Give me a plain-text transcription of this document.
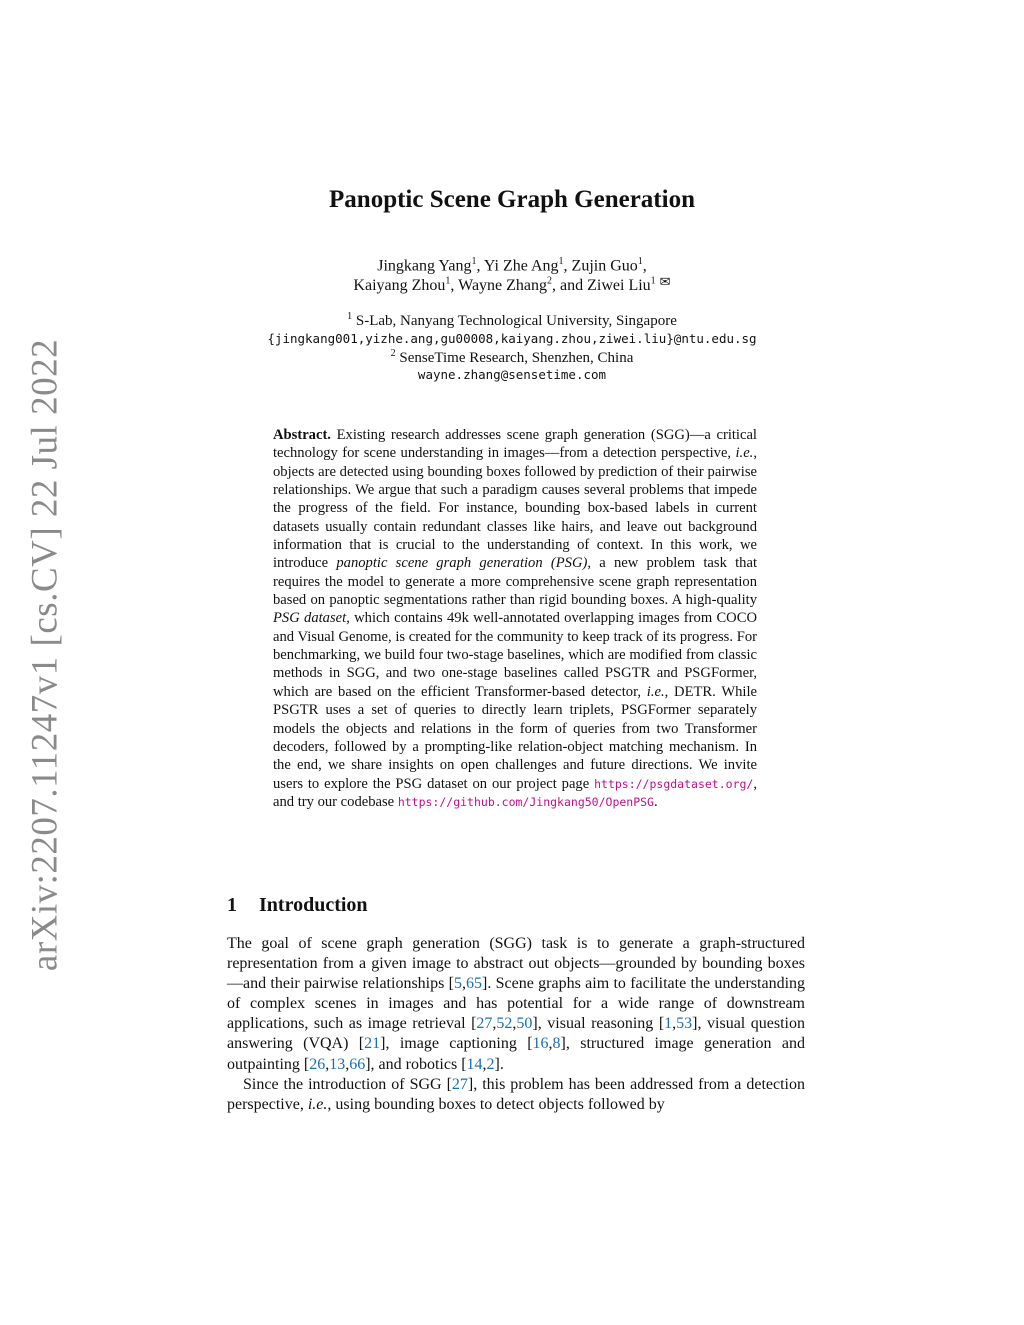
arXiv:2207.11247v1 [cs.CV] 22 Jul 2022
Panoptic Scene Graph Generation
Jingkang Yang$^1$, Yi Zhe Ang$^1$, Zujin Guo$^1$,
Kaiyang Zhou$^1$, Wayne Zhang$^2$, and Ziwei Liu$^1$ ✉
$^1$ S-Lab, Nanyang Technological University, Singapore
{jingkang001,yizhe.ang,gu00008,kaiyang.zhou,ziwei.liu}@ntu.edu.sg
$^2$ SenseTime Research, Shenzhen, China
wayne.zhang@sensetime.com
Abstract. Existing research addresses scene graph generation (SGG)—a critical technology for scene understanding in images—from a detection perspective, i.e., objects are detected using bounding boxes followed by prediction of their pairwise relationships. We argue that such a paradigm causes several problems that impede the progress of the field. For instance, bounding box-based labels in current datasets usually contain redundant classes like hairs, and leave out background information that is crucial to the understanding of context. In this work, we introduce panoptic scene graph generation (PSG), a new problem task that requires the model to generate a more comprehensive scene graph representation based on panoptic segmentations rather than rigid bounding boxes. A high-quality PSG dataset, which contains 49k well-annotated overlapping images from COCO and Visual Genome, is created for the community to keep track of its progress. For benchmarking, we build four two-stage baselines, which are modified from classic methods in SGG, and two one-stage baselines called PSGTR and PSGFormer, which are based on the efficient Transformer-based detector, i.e., DETR. While PSGTR uses a set of queries to directly learn triplets, PSGFormer separately models the objects and relations in the form of queries from two Transformer decoders, followed by a prompting-like relation-object matching mechanism. In the end, we share insights on open challenges and future directions. We invite users to explore the PSG dataset on our project page https://psgdataset.org/, and try our codebase https://github.com/Jingkang50/OpenPSG.
1 Introduction

The goal of scene graph generation (SGG) task is to generate a graph-structured representation from a given image to abstract out objects—grounded by bounding boxes—and their pairwise relationships [5,65]. Scene graphs aim to facilitate the understanding of complex scenes in images and has potential for a wide range of downstream applications, such as image retrieval [27,52,50], visual reasoning [1,53], visual question answering (VQA) [21], image captioning [16,8], structured image generation and outpainting [26,13,66], and robotics [14,2].

Since the introduction of SGG [27], this problem has been addressed from a detection perspective, i.e., using bounding boxes to detect objects followed by
